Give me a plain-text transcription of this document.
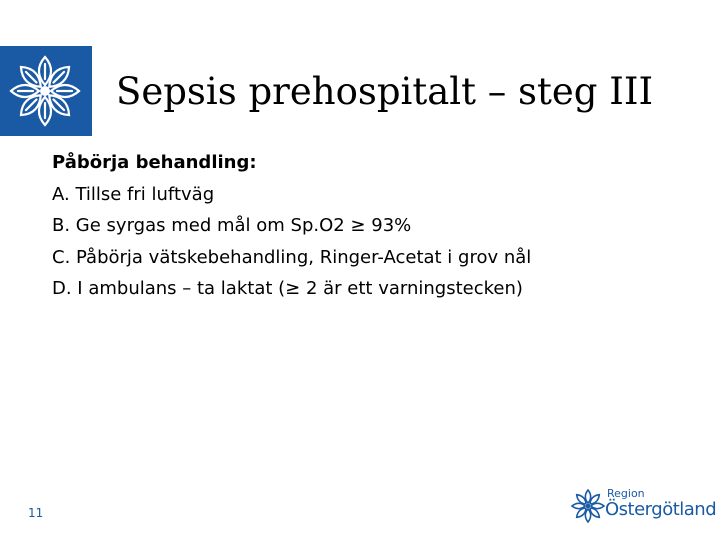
Sepsis prehospitalt – steg III
Påbörja behandling:
A. Tillse fri luftväg
B. Ge syrgas med mål om Sp.O2 ≥ 93%
C. Påbörja vätskebehandling, Ringer-Acetat i grov nål
D. I ambulans – ta laktat (≥ 2 är ett varningstecken)
11
Region
Östergötland
